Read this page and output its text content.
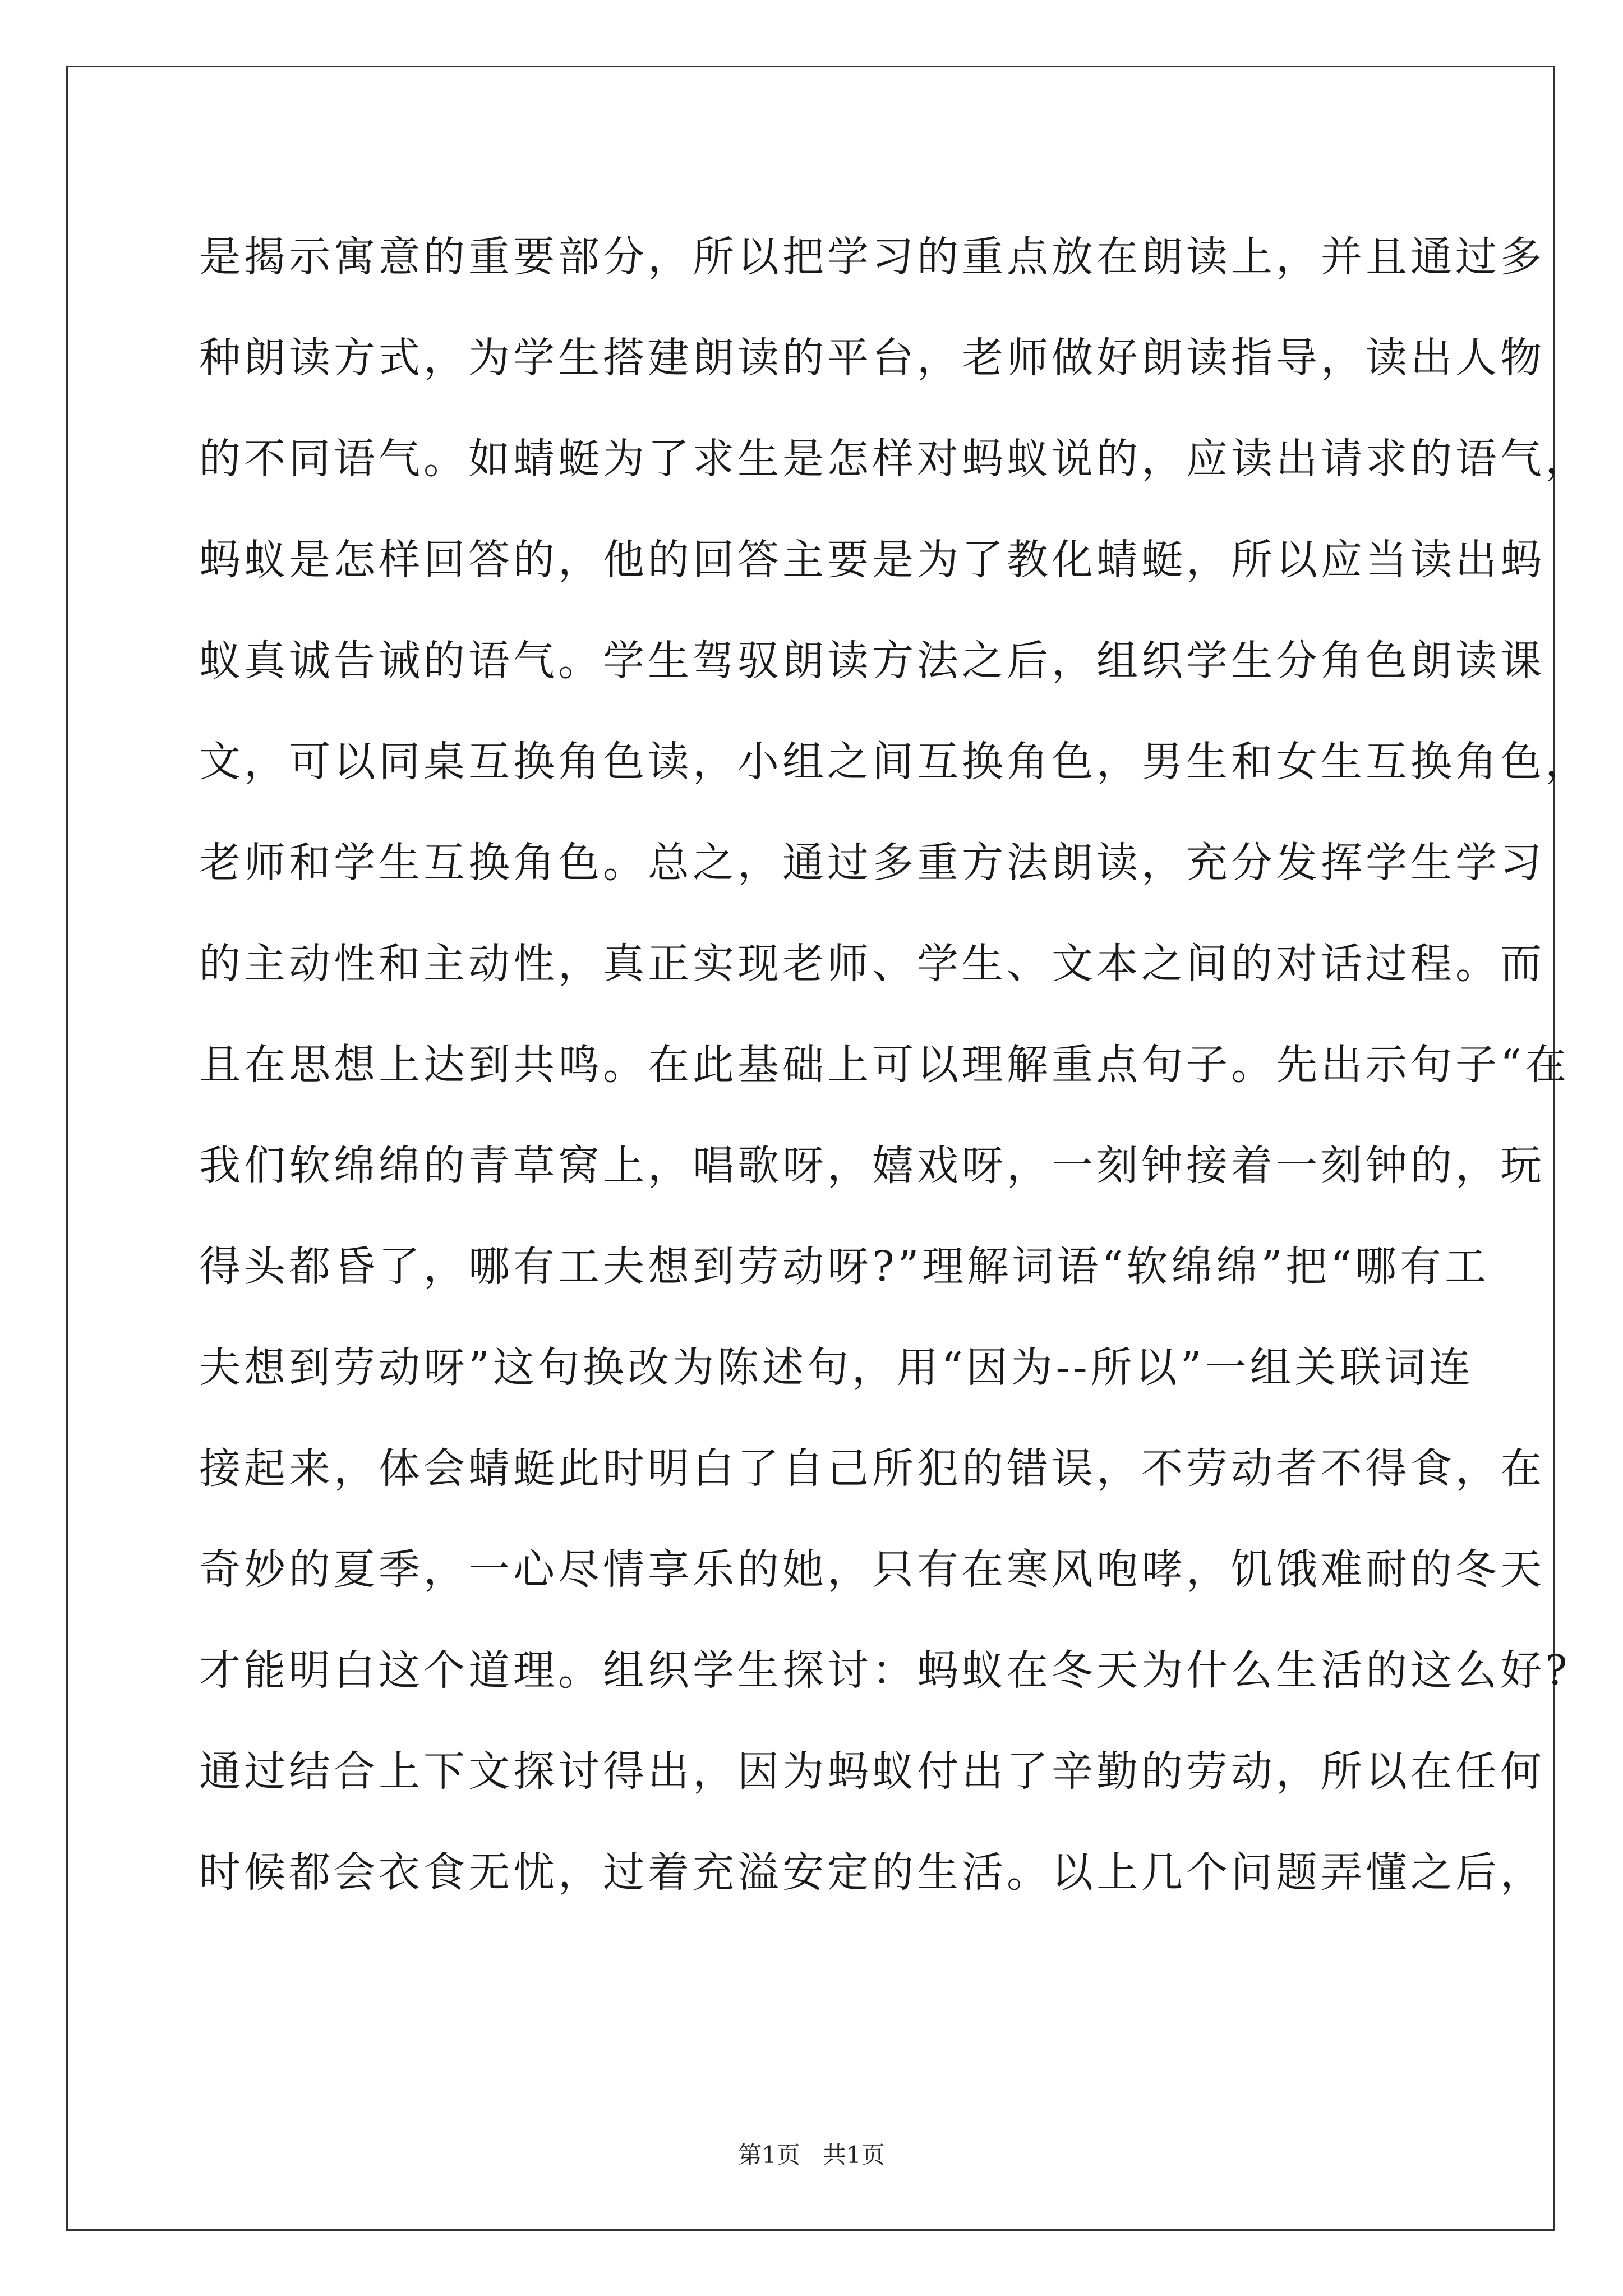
是揭示寓意的重要部分，所以把学习的重点放在朗读上，并且通过多
种朗读方式，为学生搭建朗读的平台，老师做好朗读指导，读出人物
的不同语气。如蜻蜓为了求生是怎样对蚂蚁说的，应读出请求的语气，
蚂蚁是怎样回答的，他的回答主要是为了教化蜻蜓，所以应当读出蚂
蚁真诚告诫的语气。学生驾驭朗读方法之后，组织学生分角色朗读课
文，可以同桌互换角色读，小组之间互换角色，男生和女生互换角色，
老师和学生互换角色。总之，通过多重方法朗读，充分发挥学生学习
的主动性和主动性，真正实现老师、学生、文本之间的对话过程。而
且在思想上达到共鸣。在此基础上可以理解重点句子。先出示句子“在
我们软绵绵的青草窝上，唱歌呀，嬉戏呀，一刻钟接着一刻钟的，玩
得头都昏了，哪有工夫想到劳动呀?”理解词语“软绵绵”把“哪有工
夫想到劳动呀”这句换改为陈述句，用“因为--所以”一组关联词连
接起来，体会蜻蜓此时明白了自己所犯的错误，不劳动者不得食，在
奇妙的夏季，一心尽情享乐的她，只有在寒风咆哮，饥饿难耐的冬天
才能明白这个道理。组织学生探讨：蚂蚁在冬天为什么生活的这么好?
通过结合上下文探讨得出，因为蚂蚁付出了辛勤的劳动，所以在任何
时候都会衣食无忧，过着充溢安定的生活。以上几个问题弄懂之后，
第1页 共1页
